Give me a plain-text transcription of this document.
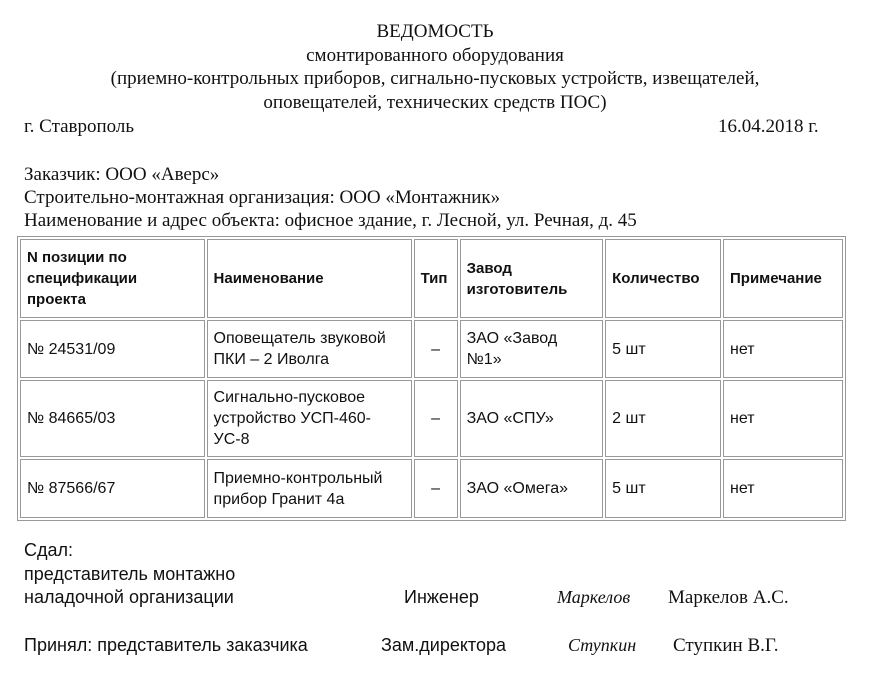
ВЕДОМОСТЬ
смонтированного оборудования
(приемно-контрольных приборов, сигнально-пусковых устройств, извещателей,
оповещателей, технических средств ПОС)
г. Ставрополь	16.04.2018 г.
Заказчик: ООО «Аверс»
Строительно-монтажная организация: ООО «Монтажник»
Наименование и адрес объекта: офисное здание, г. Лесной, ул. Речная, д. 45
N позиции по спецификации проекта	Наименование	Тип	Завод изготовитель	Количество	Примечание
№ 24531/09	Оповещатель звуковой ПКИ – 2 Иволга	–	ЗАО «Завод №1»	5 шт	нет
№ 84665/03	Сигнально-пусковое устройство УСП-460-УС-8	–	ЗАО «СПУ»	2 шт	нет
№ 87566/67	Приемно-контрольный прибор Гранит 4а	–	ЗАО «Омега»	5 шт	нет
Сдал:
представитель монтажно
наладочной организации	Инженер	Маркелов Маркелов А.С.
Принял: представитель заказчика	Зам.директора	Ступкин Ступкин В.Г.
